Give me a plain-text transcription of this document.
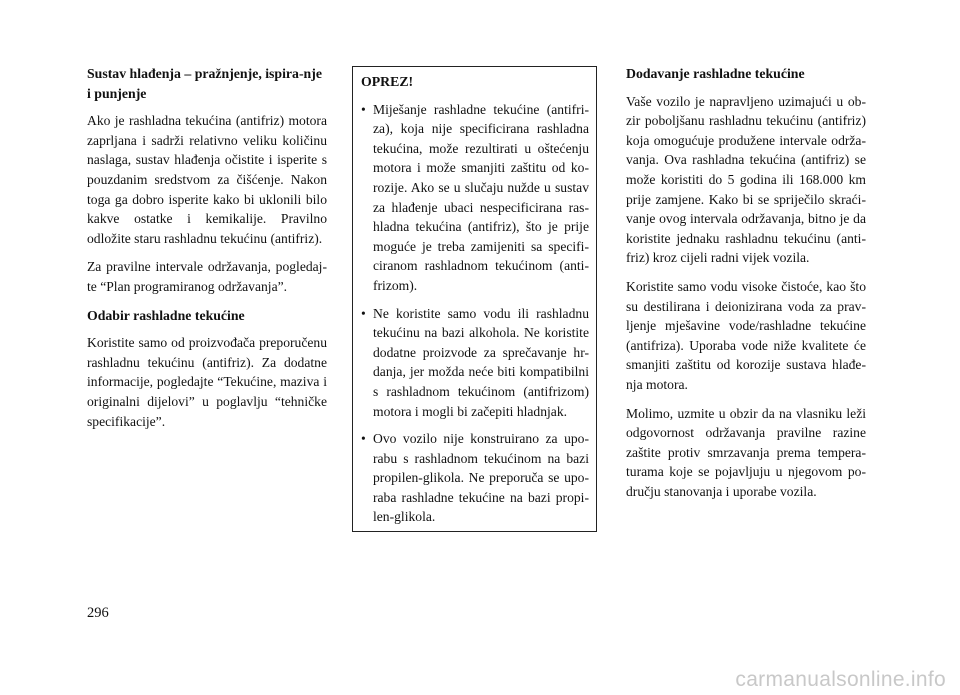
Sustav hlađenja – pražnjenje, ispira-nje i punjenje

Ako je rashladna tekućina (antifriz) motora zaprljana i sadrži relativno veliku količinu naslaga, sustav hlađenja očistite i isperite s pouzdanim sredstvom za čišćenje. Nakon toga ga dobro isperite kako bi uklonili bilo kakve ostatke i kemikalije. Pravilno odložite staru rashladnu tekućinu (antifriz).

Za pravilne intervale održavanja, pogledaj-te “Plan programiranog održavanja”.

Odabir rashladne tekućine

Koristite samo od proizvođača preporučenu rashladnu tekućinu (antifriz). Za dodatne informacije, pogledajte “Tekućine, maziva i originalni dijelovi” u poglavlju “tehničke specifikacije”.

OPREZ!
• Miješanje rashladne tekućine (antifri-za), koja nije specificirana rashladna tekućina, može rezultirati u oštećenju motora i može smanjiti zaštitu od ko-rozije. Ako se u slučaju nužde u sustav za hlađenje ubaci nespecificirana ras-hladna tekućina (antifriz), što je prije moguće je treba zamijeniti sa specifi-ciranom rashladnom tekućinom (anti-frizom).
• Ne koristite samo vodu ili rashladnu tekućinu na bazi alkohola. Ne koristite dodatne proizvode za sprečavanje hr-danja, jer možda neće biti kompatibilni s rashladnom tekućinom (antifrizom) motora i mogli bi začepiti hladnjak.
• Ovo vozilo nije konstruirano za upo-rabu s rashladnom tekućinom na bazi propilen-glikola. Ne preporuča se upo-raba rashladne tekućine na bazi propi-len-glikola.
Dodavanje rashladne tekućine

Vaše vozilo je napravljeno uzimajući u ob-zir poboljšanu rashladnu tekućinu (antifriz) koja omogućuje produžene intervale održa-vanja. Ova rashladna tekućina (antifriz) se može koristiti do 5 godina ili 168.000 km prije zamjene. Kako bi se spriječilo skraći-vanje ovog intervala održavanja, bitno je da koristite jednaku rashladnu tekućinu (anti-friz) kroz cijeli radni vijek vozila.

Koristite samo vodu visoke čistoće, kao što su destilirana i deionizirana voda za prav-ljenje mješavine vode/rashladne tekućine (antifriza). Uporaba vode niže kvalitete će smanjiti zaštitu od korozije sustava hlađe-nja motora.

Molimo, uzmite u obzir da na vlasniku leži odgovornost održavanja pravilne razine zaštite protiv smrzavanja prema tempera-turama koje se pojavljuju u njegovom po-dručju stanovanja i uporabe vozila.

296
carmanualsonline.info
